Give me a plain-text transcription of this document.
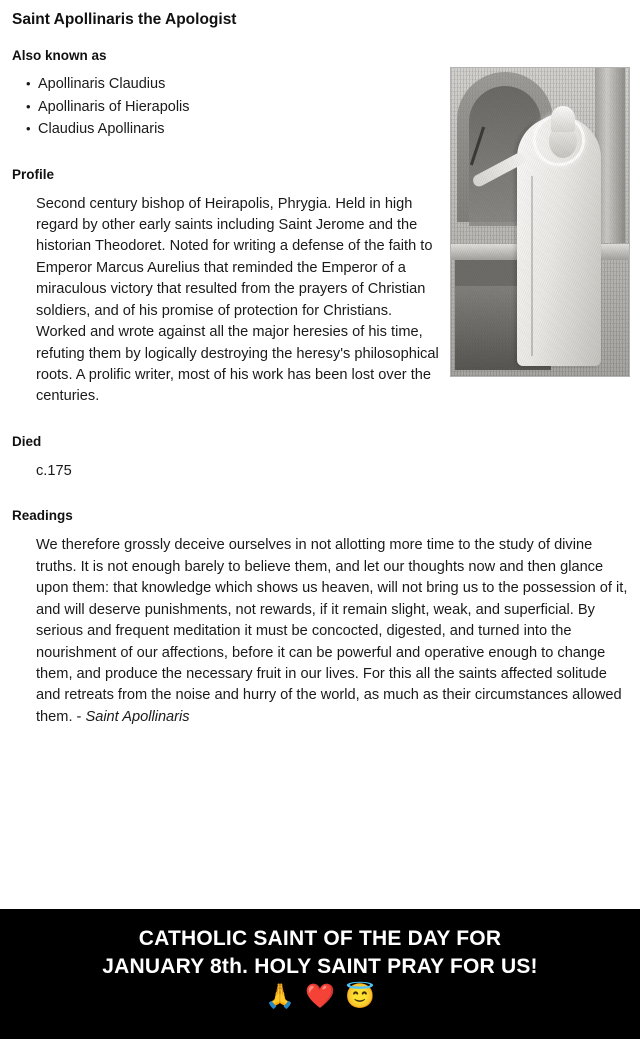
Saint Apollinaris the Apologist
Also known as
• Apollinaris Claudius
• Apollinaris of Hierapolis
• Claudius Apollinaris
Profile
Second century bishop of Heirapolis, Phrygia. Held in high regard by other early saints including Saint Jerome and the historian Theodoret. Noted for writing a defense of the faith to Emperor Marcus Aurelius that reminded the Emperor of a miraculous victory that resulted from the prayers of Christian soldiers, and of his promise of protection for Christians. Worked and wrote against all the major heresies of his time, refuting them by logically destroying the heresy's philosophical roots. A prolific writer, most of his work has been lost over the centuries.
Died
c.175
Readings
We therefore grossly deceive ourselves in not allotting more time to the study of divine truths. It is not enough barely to believe them, and let our thoughts now and then glance upon them: that knowledge which shows us heaven, will not bring us to the possession of it, and will deserve punishments, not rewards, if it remain slight, weak, and superficial. By serious and frequent meditation it must be concocted, digested, and turned into the nourishment of our affections, before it can be powerful and operative enough to change them, and produce the necessary fruit in our lives. For this all the saints affected solitude and retreats from the noise and hurry of the world, as much as their circumstances allowed them. - Saint Apollinaris
CATHOLIC SAINT OF THE DAY FOR
JANUARY 8th. HOLY SAINT PRAY FOR US!
🙏 ❤️ 😇
